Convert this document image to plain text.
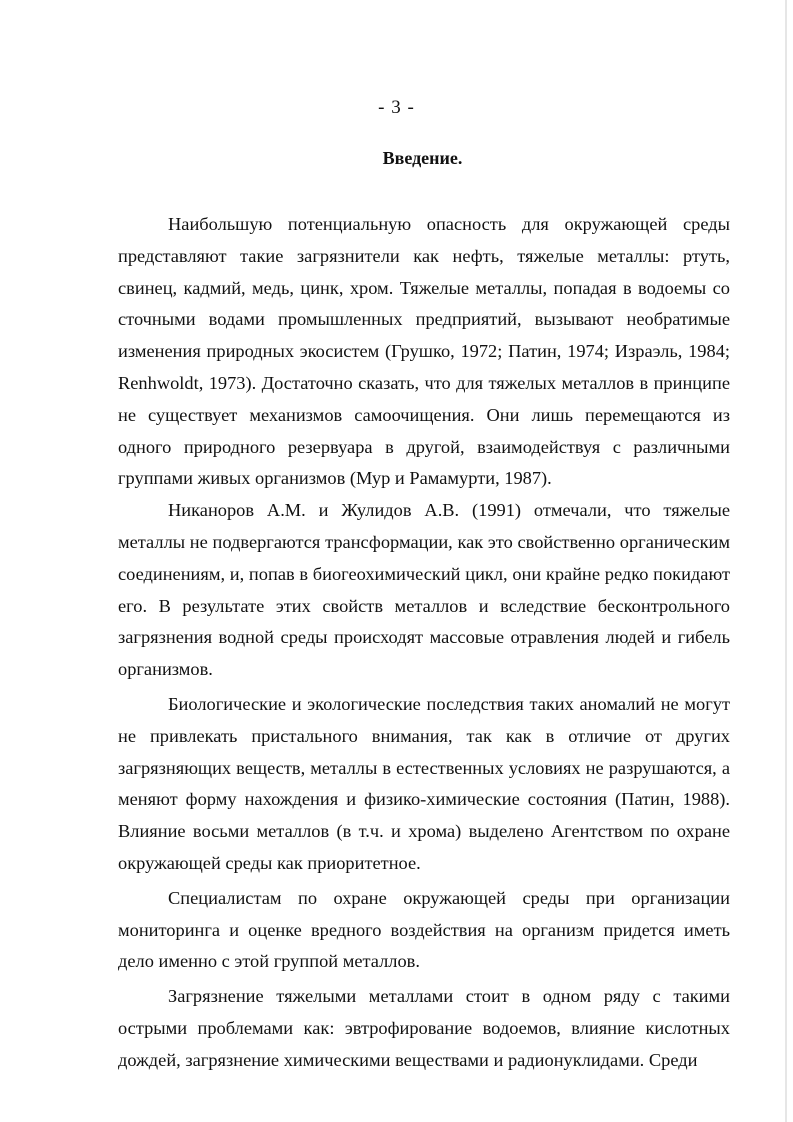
- 3 -
Введение.

Наибольшую потенциальную опасность для окружающей среды представляют такие загрязнители как нефть, тяжелые металлы: ртуть, свинец, кадмий, медь, цинк, хром. Тяжелые металлы, попадая в водоемы со сточными водами промышленных предприятий, вызывают необратимые изменения природных экосистем (Грушко, 1972; Патин, 1974; Израэль, 1984; Renhwoldt, 1973). Достаточно сказать, что для тяжелых металлов в принципе не существует механизмов самоочищения. Они лишь перемещаются из одного природного резервуара в другой, взаимодействуя с различными группами живых организмов (Мур и Рамамурти, 1987).

Никаноров А.М. и Жулидов А.В. (1991) отмечали, что тяжелые металлы не подвергаются трансформации, как это свойственно органическим соединениям, и, попав в биогеохимический цикл, они крайне редко покидают его. В результате этих свойств металлов и вследствие бесконтрольного загрязнения водной среды происходят массовые отравления людей и гибель организмов.

Биологические и экологические последствия таких аномалий не могут не привлекать пристального внимания, так как в отличие от других загрязняющих веществ, металлы в естественных условиях не разрушаются, а меняют форму нахождения и физико-химические состояния (Патин, 1988). Влияние восьми металлов (в т.ч. и хрома) выделено Агентством по охране окружающей среды как приоритетное.

Специалистам по охране окружающей среды при организации мониторинга и оценке вредного воздействия на организм придется иметь дело именно с этой группой металлов.

Загрязнение тяжелыми металлами стоит в одном ряду с такими острыми проблемами как: эвтрофирование водоемов, влияние кислотных дождей, загрязнение химическими веществами и радионуклидами. Среди
